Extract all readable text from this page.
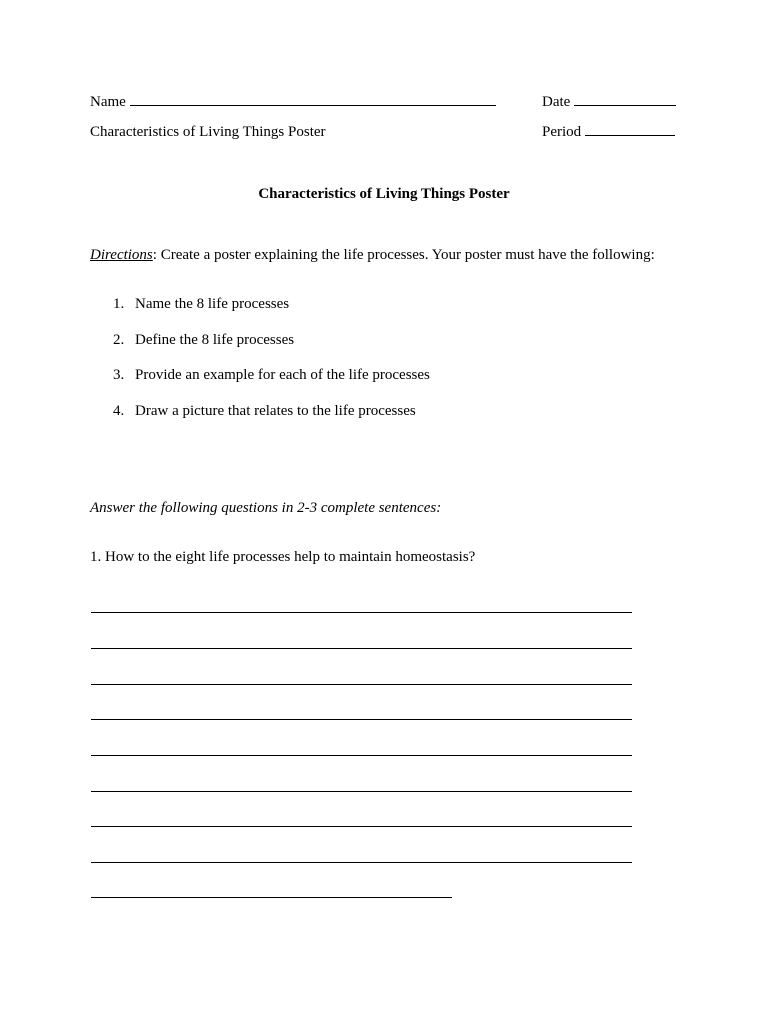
Name	Date
Characteristics of Living Things Poster	Period
Characteristics of Living Things Poster
Directions: Create a poster explaining the life processes. Your poster must have the following:
1. Name the 8 life processes
2. Define the 8 life processes
3. Provide an example for each of the life processes
4. Draw a picture that relates to the life processes
Answer the following questions in 2-3 complete sentences:
1. How to the eight life processes help to maintain homeostasis?
